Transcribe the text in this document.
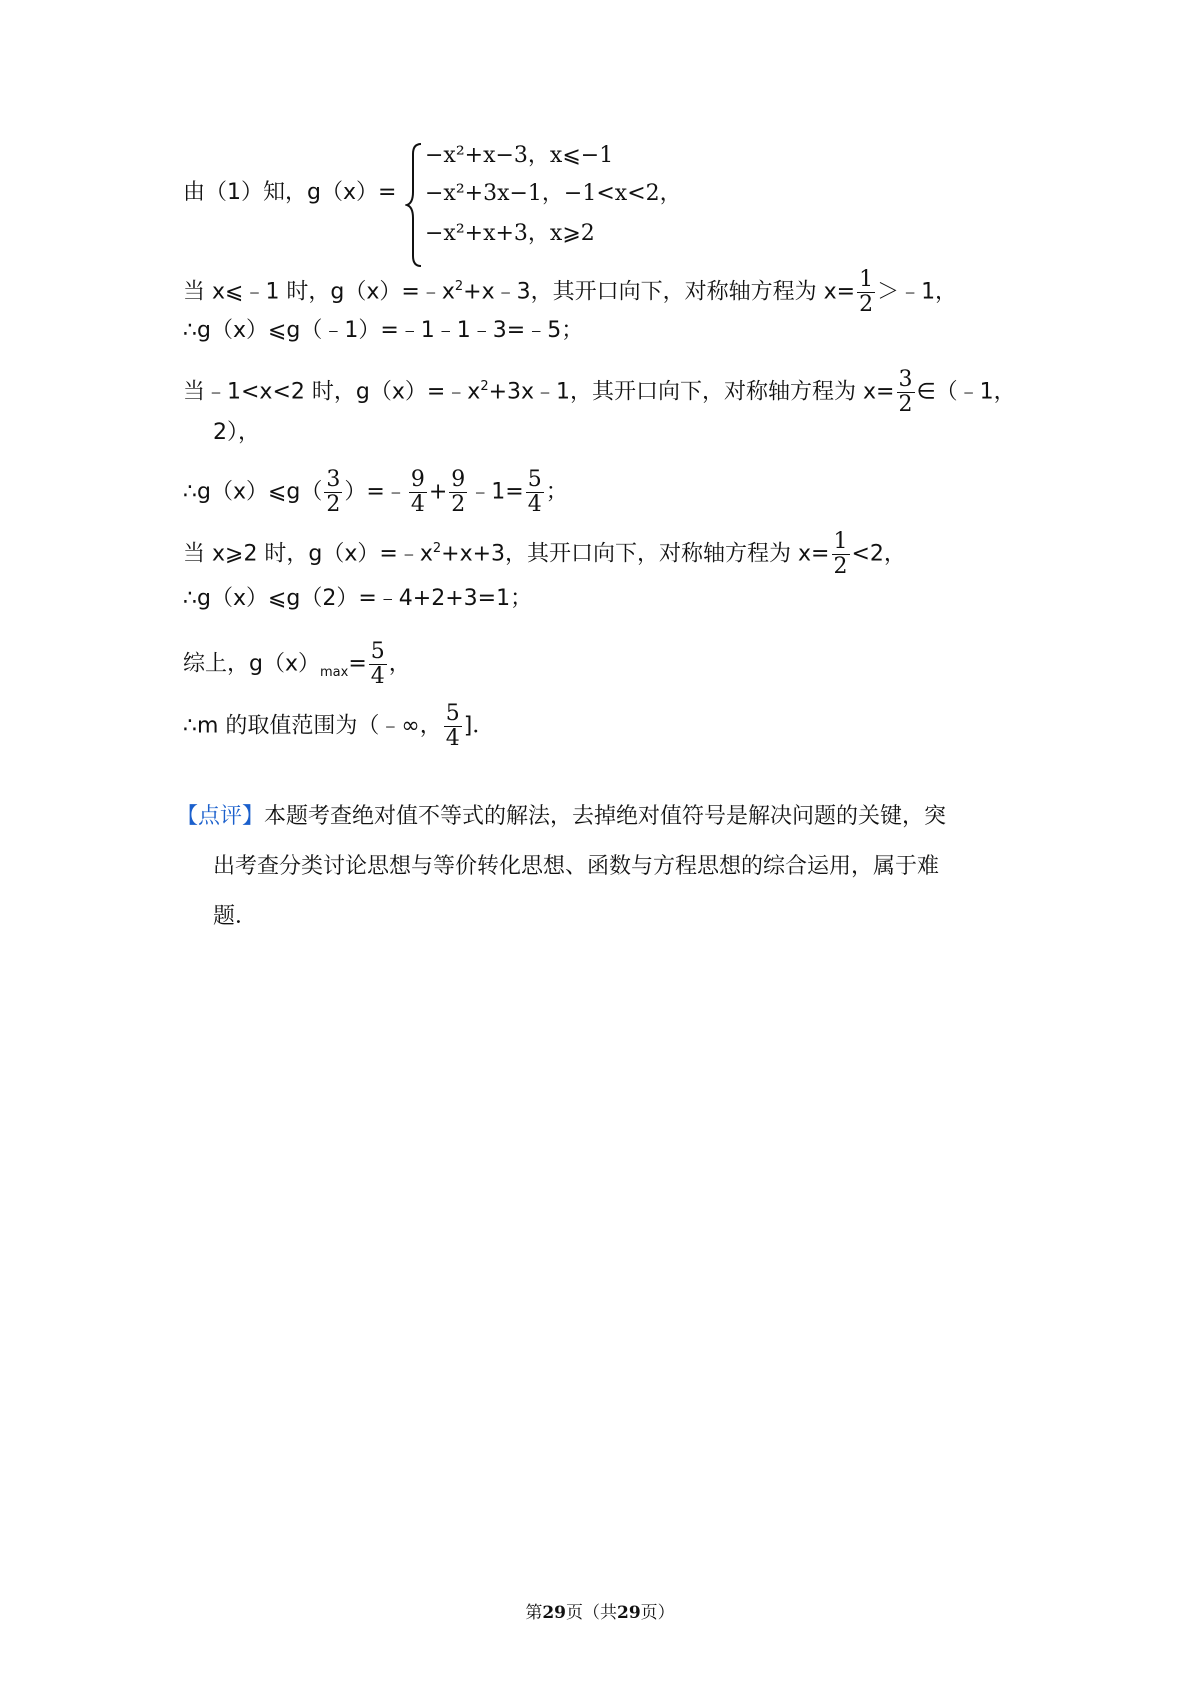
由（1）知，g（x）=
−x²+x−3，x⩽−1
−x²+3x−1，−1<x<2，
−x²+x+3，x⩾2
当 x⩽﹣1 时，$g(x)=﹣x^2+x﹣3$，其开口向下，对称轴方程为 $x= \frac{1}{2}$ ＞﹣1，
∴g（x）⩽g（﹣1）=﹣1﹣1﹣3=﹣5；
当﹣1<x<2 时，$g(x)=﹣x^2+3x﹣1$，其开口向下，对称轴方程为 $x= \frac{3}{2}$ ∈（﹣1，
2），
∴g（x）⩽g（ $\frac{3}{2}$ ）=﹣ $\frac{9}{4} + \frac{9}{2}$ ﹣1= $\frac{5}{4}$ ；
当 x⩾2 时，$g(x)=﹣x^2+x+3$，其开口向下，对称轴方程为 $x= \frac{1}{2} <2$，
∴g（x）⩽g（2）=﹣4+2+3=1；
综上，$g(x)_{max}= \frac{5}{4}$ ，
∴m 的取值范围为（﹣∞， $\frac{5}{4}$ ]．
【点评】本题考查绝对值不等式的解法，去掉绝对值符号是解决问题的关键，突
出考查分类讨论思想与等价转化思想、函数与方程思想的综合运用，属于难
题．
第29页（共29页）
